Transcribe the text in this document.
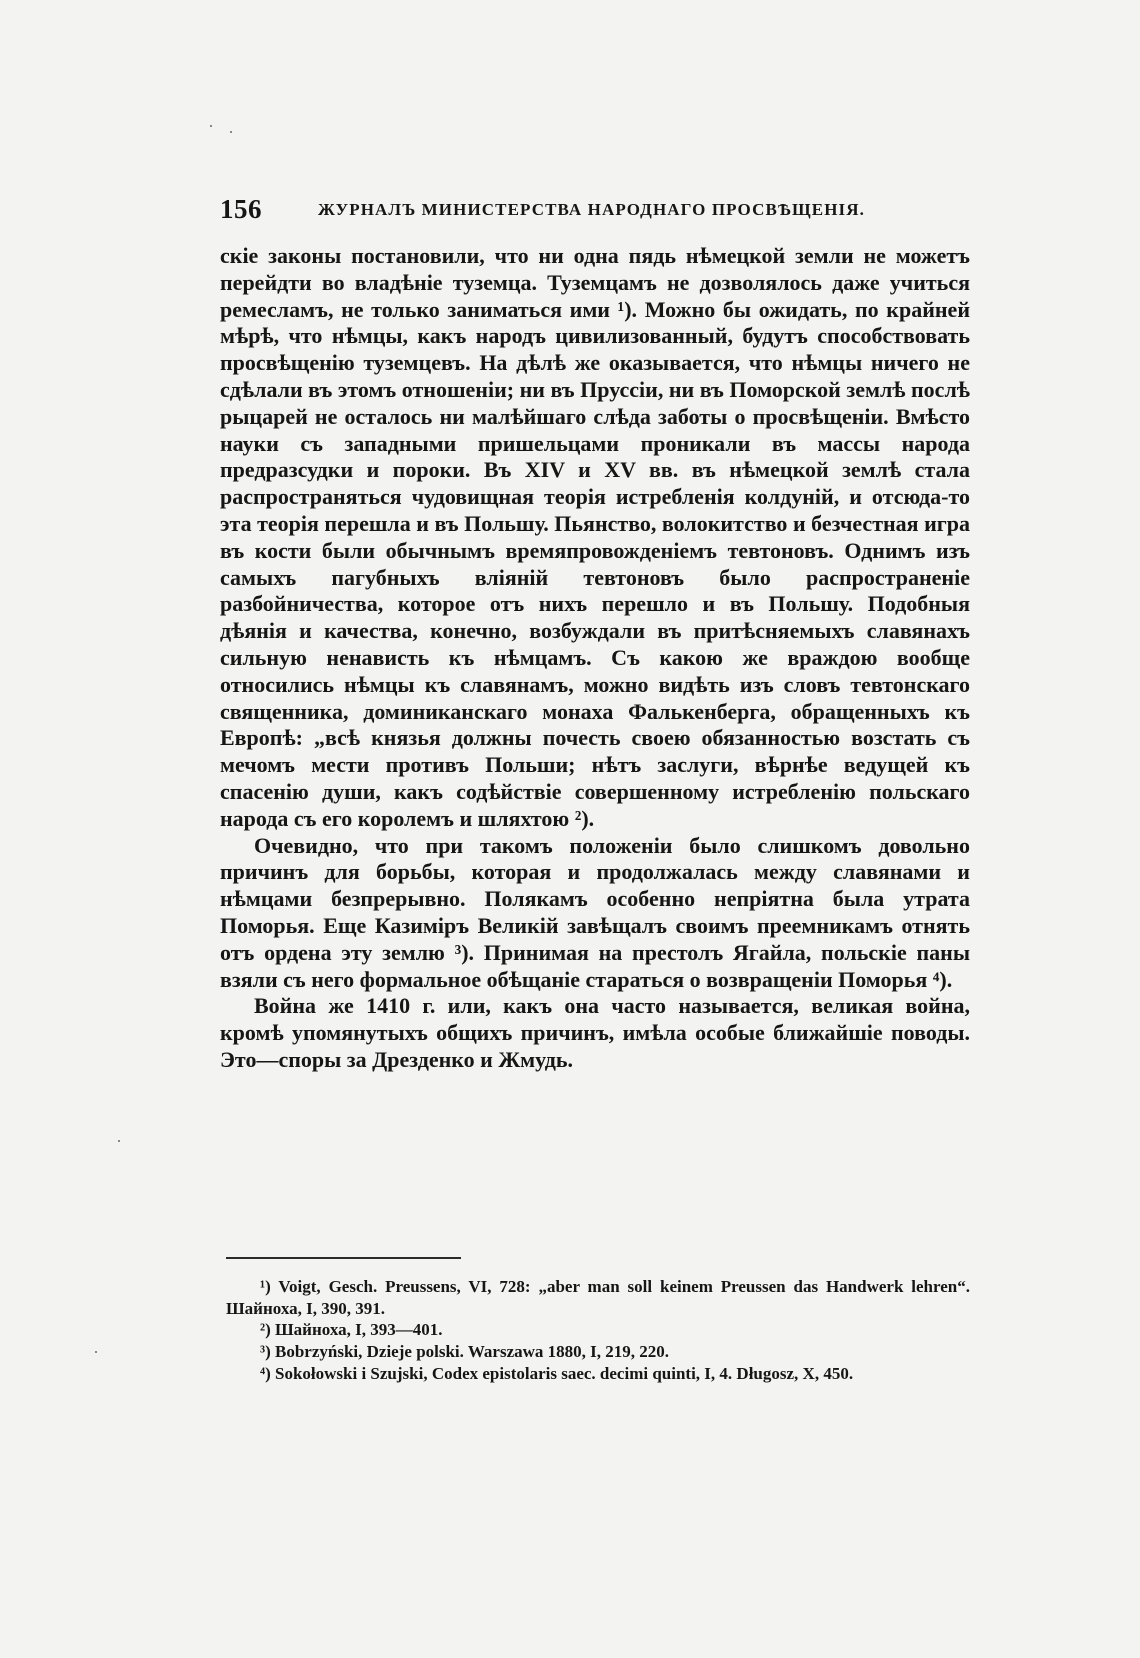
156	ЖУРНАЛЪ МИНИСТЕРСТВА НАРОДНАГО ПРОСВѢЩЕНІЯ.

скіе законы постановили, что ни одна пядь нѣмецкой земли не можетъ перейдти во владѣніе туземца. Туземцамъ не дозволялось даже учиться ремесламъ, не только заниматься ими ¹). Можно бы ожидать, по крайней мѣрѣ, что нѣмцы, какъ народъ цивилизованный, будутъ способствовать просвѣщенію туземцевъ. На дѣлѣ же оказывается, что нѣмцы ничего не сдѣлали въ этомъ отношеніи; ни въ Пруссіи, ни въ Поморской землѣ послѣ рыцарей не осталось ни малѣйшаго слѣда заботы о просвѣщеніи. Вмѣсто науки съ западными пришельцами проникали въ массы народа предразсудки и пороки. Въ XIV и XV вв. въ нѣмецкой землѣ стала распространяться чудовищная теорія истребленія колдуній, и отсюда-то эта теорія перешла и въ Польшу. Пьянство, волокитство и безчестная игра въ кости были обычнымъ времяпровожденіемъ тевтоновъ. Однимъ изъ самыхъ пагубныхъ вліяній тевтоновъ было распространеніе разбойничества, которое отъ нихъ перешло и въ Польшу. Подобныя дѣянія и качества, конечно, возбуждали въ притѣсняемыхъ славянахъ сильную ненависть къ нѣмцамъ. Съ какою же враждою вообще относились нѣмцы къ славянамъ, можно видѣть изъ словъ тевтонскаго священника, доминиканскаго монаха Фалькенберга, обращенныхъ къ Европѣ: „всѣ князья должны почесть своею обязанностью возстать съ мечомъ мести противъ Польши; нѣтъ заслуги, вѣрнѣе ведущей къ спасенію души, какъ содѣйствіе совершенному истребленію польскаго народа съ его королемъ и шляхтою ²).

Очевидно, что при такомъ положеніи было слишкомъ довольно причинъ для борьбы, которая и продолжалась между славянами и нѣмцами безпрерывно. Полякамъ особенно непріятна была утрата Поморья. Еще Казиміръ Великій завѣщалъ своимъ преемникамъ отнять отъ ордена эту землю ³). Принимая на престолъ Ягайла, польскіе паны взяли съ него формальное обѣщаніе стараться о возвращеніи Поморья ⁴).

Война же 1410 г. или, какъ она часто называется, великая война, кромѣ упомянутыхъ общихъ причинъ, имѣла особые ближайшіе поводы. Это—споры за Дрезденко и Жмудь.

¹) Voigt, Gesch. Preussens, VI, 728: „aber man soll keinem Preussen das Handwerk lehren“. Шайноха, I, 390, 391.

²) Шайноха, I, 393—401.

³) Bobrzyński, Dzieje polski. Warszawa 1880, I, 219, 220.

⁴) Sokołowski i Szujski, Codex epistolaris saec. decimi quinti, I, 4. Długosz, X, 450.
